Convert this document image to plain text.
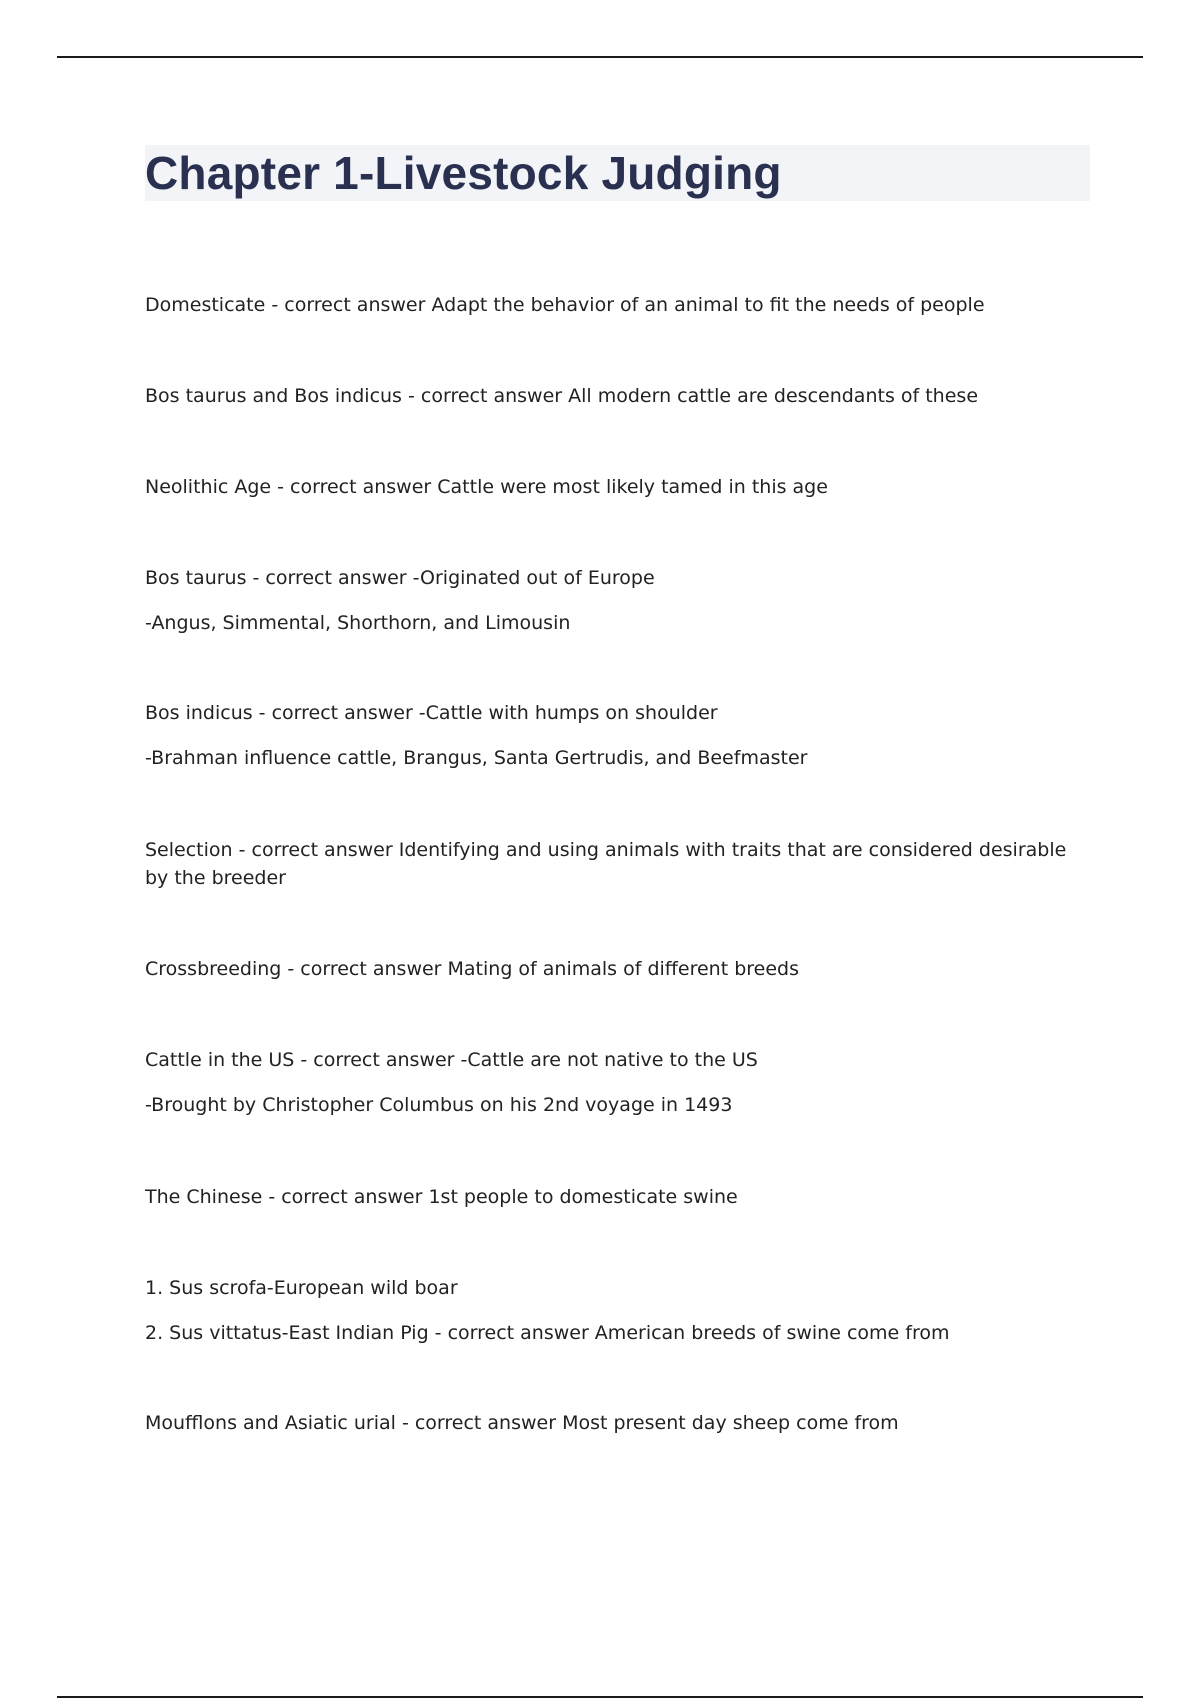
Chapter 1-Livestock Judging
Domesticate - correct answer Adapt the behavior of an animal to fit the needs of people
Bos taurus and Bos indicus - correct answer All modern cattle are descendants of these
Neolithic Age - correct answer Cattle were most likely tamed in this age
Bos taurus - correct answer -Originated out of Europe
-Angus, Simmental, Shorthorn, and Limousin
Bos indicus - correct answer -Cattle with humps on shoulder
-Brahman influence cattle, Brangus, Santa Gertrudis, and Beefmaster
Selection - correct answer Identifying and using animals with traits that are considered desirable by the breeder
Crossbreeding - correct answer Mating of animals of different breeds
Cattle in the US - correct answer -Cattle are not native to the US
-Brought by Christopher Columbus on his 2nd voyage in 1493
The Chinese - correct answer 1st people to domesticate swine
1. Sus scrofa-European wild boar
2. Sus vittatus-East Indian Pig - correct answer American breeds of swine come from
Moufflons and Asiatic urial - correct answer Most present day sheep come from
